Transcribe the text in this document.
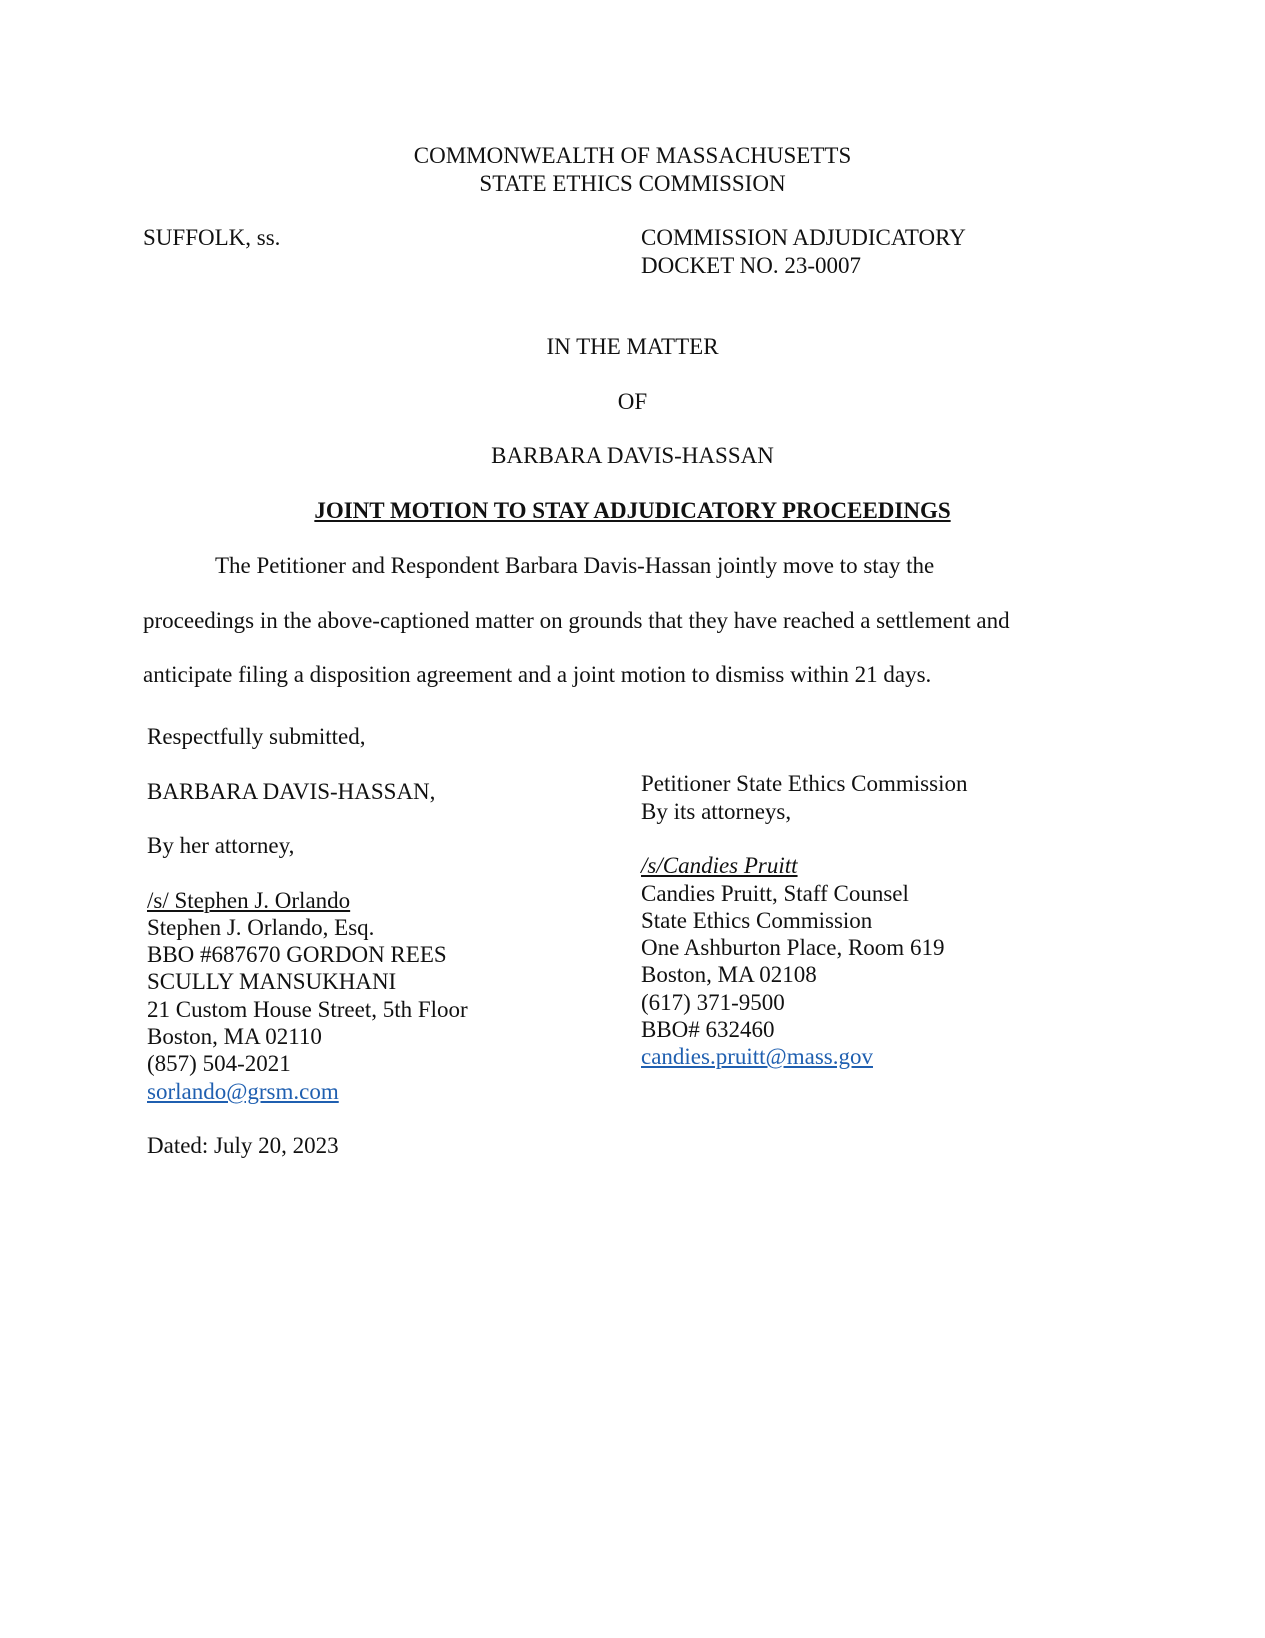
COMMONWEALTH OF MASSACHUSETTS
STATE ETHICS COMMISSION
SUFFOLK, ss.	COMMISSION ADJUDICATORY
DOCKET NO. 23-0007
IN THE MATTER
OF
BARBARA DAVIS-HASSAN
JOINT MOTION TO STAY ADJUDICATORY PROCEEDINGS
The Petitioner and Respondent Barbara Davis-Hassan jointly move to stay the
proceedings in the above-captioned matter on grounds that they have reached a settlement and
anticipate filing a disposition agreement and a joint motion to dismiss within 21 days.
Respectfully submitted,
BARBARA DAVIS-HASSAN,
By her attorney,
/s/ Stephen J. Orlando
Stephen J. Orlando, Esq.
BBO #687670 GORDON REES
SCULLY MANSUKHANI
21 Custom House Street, 5th Floor
Boston, MA 02110
(857) 504-2021
sorlando@grsm.com
Dated: July 20, 2023
Petitioner State Ethics Commission
By its attorneys,
/s/Candies Pruitt
Candies Pruitt, Staff Counsel
State Ethics Commission
One Ashburton Place, Room 619
Boston, MA 02108
(617) 371-9500
BBO# 632460
candies.pruitt@mass.gov
